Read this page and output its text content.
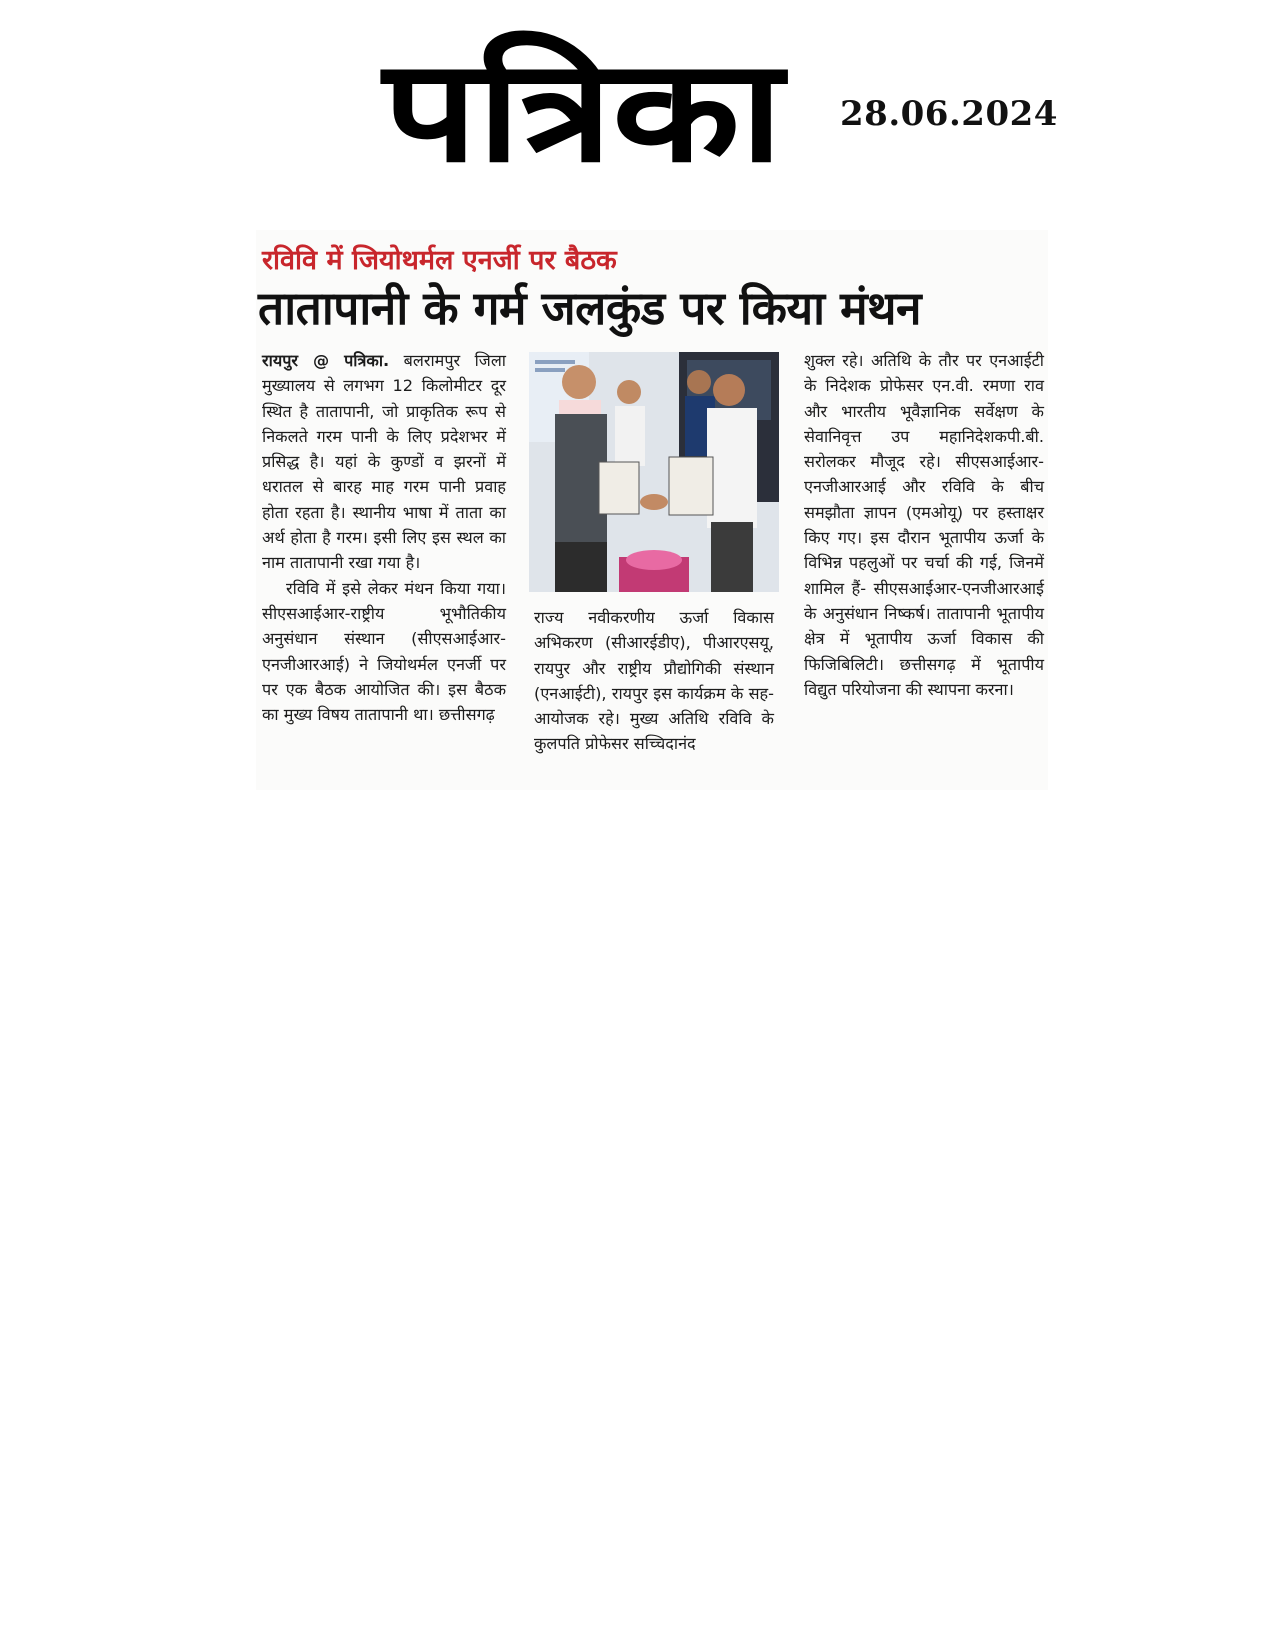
पत्रिका 28.06.2024
रविवि में जियोथर्मल एनर्जी पर बैठक
तातापानी के गर्म जलकुंड पर किया मंथन

रायपुर @ पत्रिका. बलरामपुर जिला मुख्यालय से लगभग 12 किलोमीटर दूर स्थित है तातापानी, जो प्राकृतिक रूप से निकलते गरम पानी के लिए प्रदेशभर में प्रसिद्ध है। यहां के कुण्डों व झरनों में धरातल से बारह माह गरम पानी प्रवाह होता रहता है। स्थानीय भाषा में ताता का अर्थ होता है गरम। इसी लिए इस स्थल का नाम तातापानी रखा गया है।

रविवि में इसे लेकर मंथन किया गया। सीएसआईआर-राष्ट्रीय भूभौतिकीय अनुसंधान संस्थान (सीएसआईआर-एनजीआरआई) ने जियोथर्मल एनर्जी पर पर एक बैठक आयोजित की। इस बैठक का मुख्य विषय तातापानी था। छत्तीसगढ़

राज्य नवीकरणीय ऊर्जा विकास अभिकरण (सीआरईडीए), पीआरएसयू, रायपुर और राष्ट्रीय प्रौद्योगिकी संस्थान (एनआईटी), रायपुर इस कार्यक्रम के सह-आयोजक रहे। मुख्य अतिथि रविवि के कुलपति प्रोफेसर सच्चिदानंद

शुक्ल रहे। अतिथि के तौर पर एनआईटी के निदेशक प्रोफेसर एन.वी. रमणा राव और भारतीय भूवैज्ञानिक सर्वेक्षण के सेवानिवृत्त उप महानिदेशकपी.बी. सरोलकर मौजूद रहे। सीएसआईआर-एनजीआरआई और रविवि के बीच समझौता ज्ञापन (एमओयू) पर हस्ताक्षर किए गए। इस दौरान भूतापीय ऊर्जा के विभिन्न पहलुओं पर चर्चा की गई, जिनमें शामिल हैं- सीएसआईआर-एनजीआरआई के अनुसंधान निष्कर्ष। तातापानी भूतापीय क्षेत्र में भूतापीय ऊर्जा विकास की फिजिबिलिटी। छत्तीसगढ़ में भूतापीय विद्युत परियोजना की स्थापना करना।
